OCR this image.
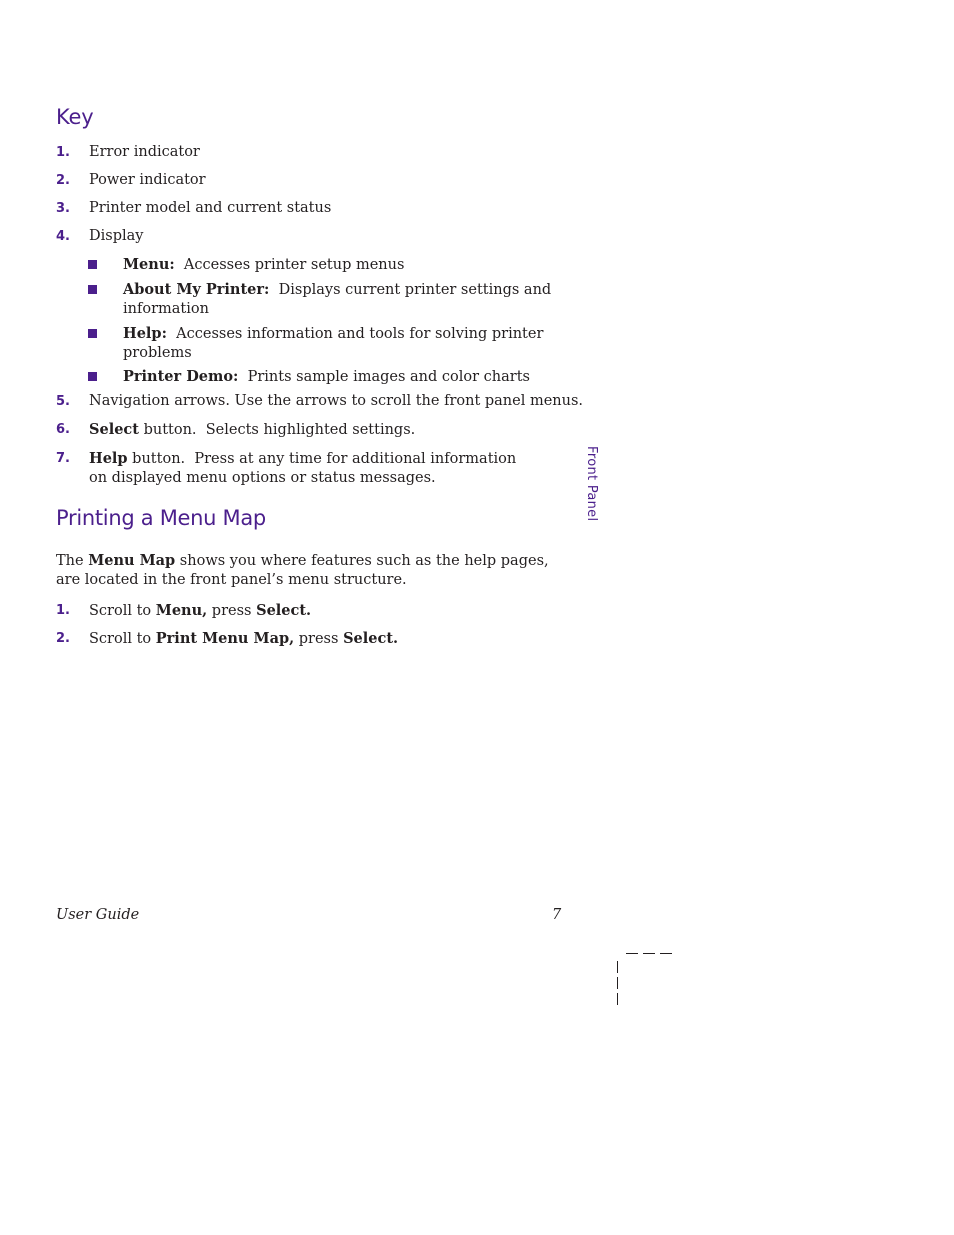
Key
1. Error indicator
2. Power indicator
3. Printer model and current status
4. Display
Menu:  Accesses printer setup menus
About My Printer:  Displays current printer settings and information
Help:  Accesses information and tools for solving printer problems
Printer Demo:  Prints sample images and color charts
5. Navigation arrows. Use the arrows to scroll the front panel menus.
6. Select button.  Selects highlighted settings.
7. Help button.  Press at any time for additional information on displayed menu options or status messages.
Printing a Menu Map

The Menu Map shows you where features such as the help pages, are located in the front panel’s menu structure.

1. Scroll to Menu, press Select.
2. Scroll to Print Menu Map, press Select.
Front Panel
User Guide	7
